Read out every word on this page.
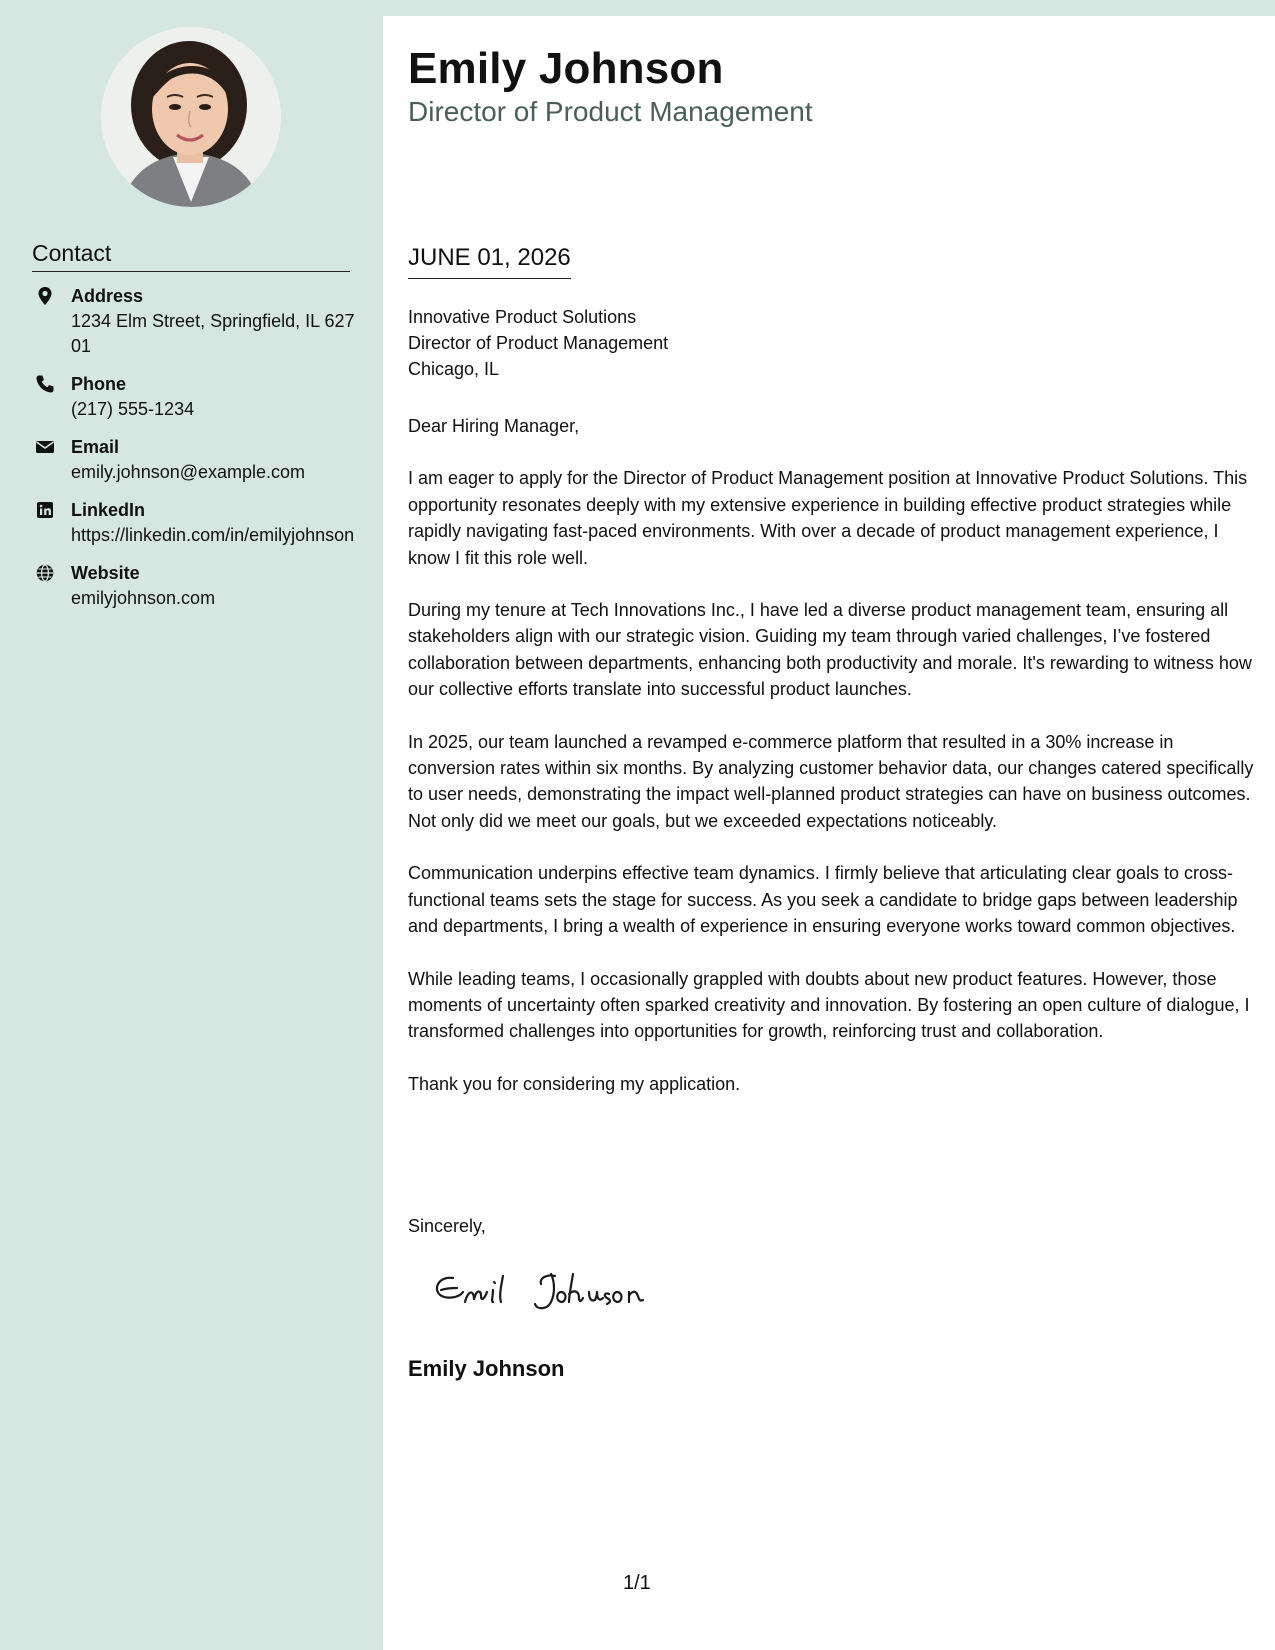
Contact
Address
1234 Elm Street, Springfield, IL 62701
Phone
(217) 555-1234
Email
emily.johnson@example.com
LinkedIn
https://linkedin.com/in/emilyjohnson
Website
emilyjohnson.com
Emily Johnson
Director of Product Management
JUNE 01, 2026
Innovative Product Solutions
Director of Product Management
Chicago, IL

Dear Hiring Manager,

I am eager to apply for the Director of Product Management position at Innovative Product Solutions. This opportunity resonates deeply with my extensive experience in building effective product strategies while rapidly navigating fast-paced environments. With over a decade of product management experience, I know I fit this role well.

During my tenure at Tech Innovations Inc., I have led a diverse product management team, ensuring all stakeholders align with our strategic vision. Guiding my team through varied challenges, I’ve fostered collaboration between departments, enhancing both productivity and morale. It's rewarding to witness how our collective efforts translate into successful product launches.

In 2025, our team launched a revamped e-commerce platform that resulted in a 30% increase in conversion rates within six months. By analyzing customer behavior data, our changes catered specifically to user needs, demonstrating the impact well-planned product strategies can have on business outcomes. Not only did we meet our goals, but we exceeded expectations noticeably.

Communication underpins effective team dynamics. I firmly believe that articulating clear goals to cross-functional teams sets the stage for success. As you seek a candidate to bridge gaps between leadership and departments, I bring a wealth of experience in ensuring everyone works toward common objectives.

While leading teams, I occasionally grappled with doubts about new product features. However, those moments of uncertainty often sparked creativity and innovation. By fostering an open culture of dialogue, I transformed challenges into opportunities for growth, reinforcing trust and collaboration.

Thank you for considering my application.

Sincerely,
Emily Johnson
1/1
